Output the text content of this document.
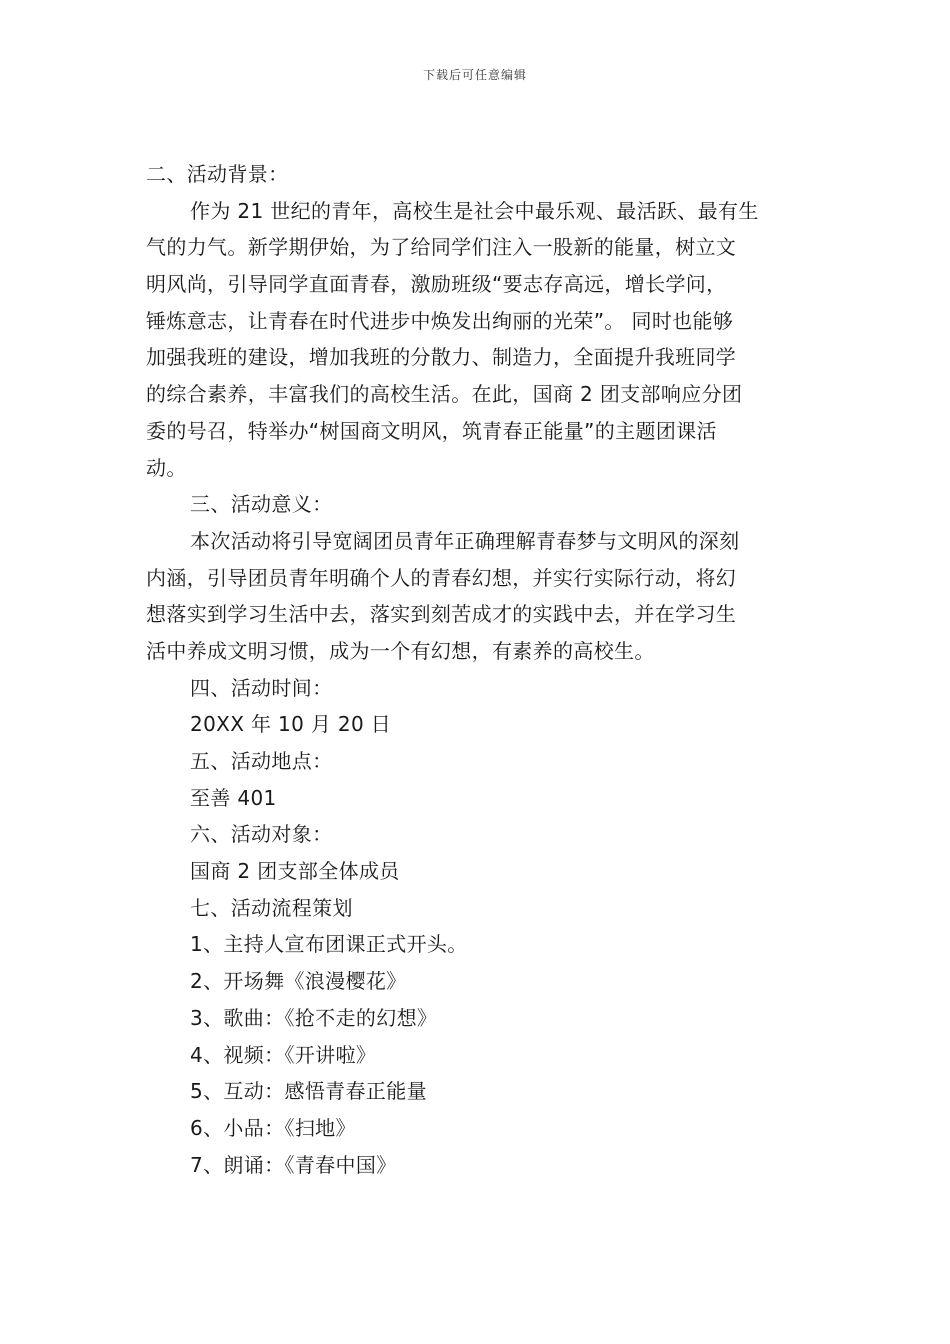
下载后可任意编辑
二、活动背景：
作为 21 世纪的青年，高校生是社会中最乐观、最活跃、最有生
气的力气。新学期伊始，为了给同学们注入一股新的能量，树立文
明风尚，引导同学直面青春，激励班级“要志存高远，增长学问，
锤炼意志，让青春在时代进步中焕发出绚丽的光荣”。 同时也能够
加强我班的建设，增加我班的分散力、制造力，全面提升我班同学
的综合素养，丰富我们的高校生活。在此，国商 2 团支部响应分团
委的号召，特举办“树国商文明风，筑青春正能量”的主题团课活
动。
三、活动意义：
本次活动将引导宽阔团员青年正确理解青春梦与文明风的深刻
内涵，引导团员青年明确个人的青春幻想，并实行实际行动，将幻
想落实到学习生活中去，落实到刻苦成才的实践中去，并在学习生
活中养成文明习惯，成为一个有幻想，有素养的高校生。
四、活动时间：
20XX 年 10 月 20 日
五、活动地点：
至善 401
六、活动对象：
国商 2 团支部全体成员
七、活动流程策划
1、主持人宣布团课正式开头。
2、开场舞《浪漫樱花》
3、歌曲：《抢不走的幻想》
4、视频：《开讲啦》
5、互动：感悟青春正能量
6、小品：《扫地》
7、朗诵：《青春中国》
